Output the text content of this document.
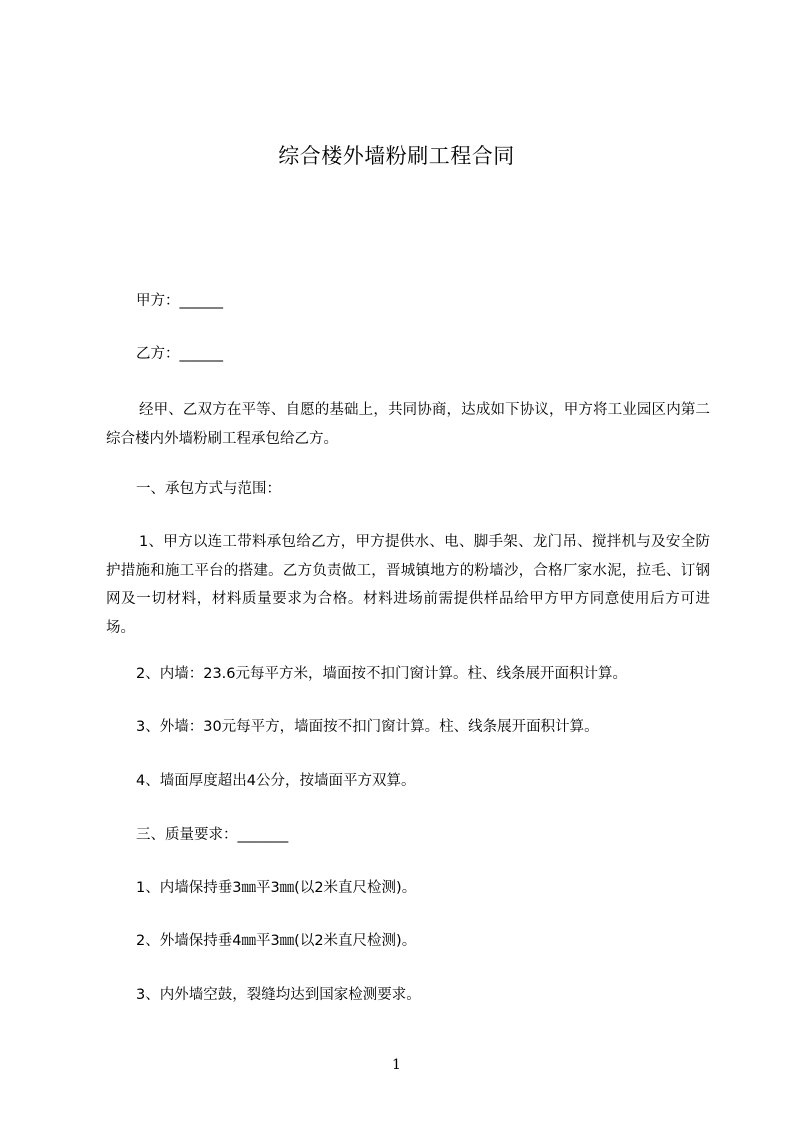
综合楼外墙粉刷工程合同
甲方：______
乙方：______
经甲、乙双方在平等、自愿的基础上，共同协商，达成如下协议，甲方将工业园区内第二综合楼内外墙粉刷工程承包给乙方。
一、承包方式与范围：
1、甲方以连工带料承包给乙方，甲方提供水、电、脚手架、龙门吊、搅拌机与及安全防护措施和施工平台的搭建。乙方负责做工，晋城镇地方的粉墙沙，合格厂家水泥，拉毛、订钢网及一切材料，材料质量要求为合格。材料进场前需提供样品给甲方甲方同意使用后方可进场。
2、内墙：23.6元每平方米，墙面按不扣门窗计算。柱、线条展开面积计算。
3、外墙：30元每平方，墙面按不扣门窗计算。柱、线条展开面积计算。
4、墙面厚度超出4公分，按墙面平方双算。
三、质量要求：_______
1、内墙保持垂3㎜平3㎜(以2米直尺检测)。
2、外墙保持垂4㎜平3㎜(以2米直尺检测)。
3、内外墙空鼓，裂缝均达到国家检测要求。
1
